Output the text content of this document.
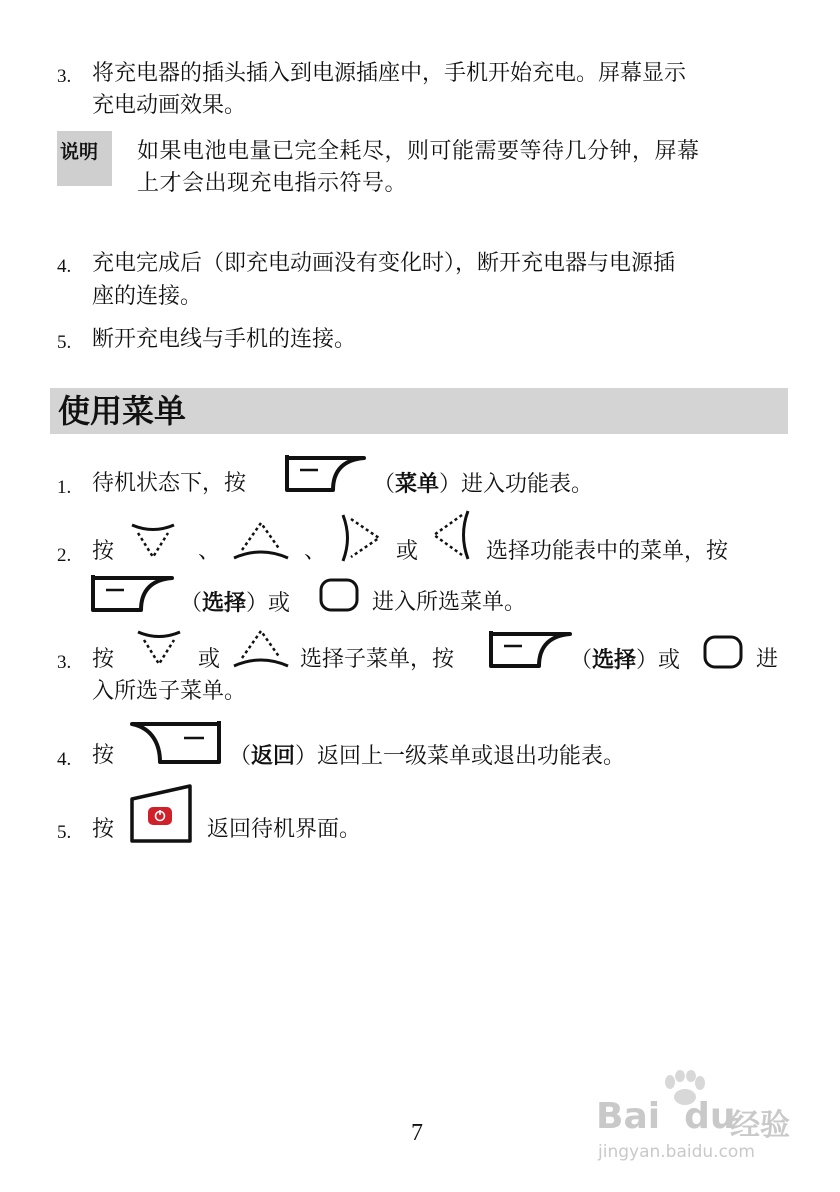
3. 将充电器的插头插入到电源插座中，手机开始充电。屏幕显示
充电动画效果。
说明 如果电池电量已完全耗尽，则可能需要等待几分钟，屏幕
上才会出现充电指示符号。
4. 充电完成后（即充电动画没有变化时），断开充电器与电源插
座的连接。
5. 断开充电线与手机的连接。
使用菜单
1. 待机状态下，按	（菜单）进入功能表。
2. 按	、	、	或	选择功能表中的菜单，按
（选择）或	进入所选菜单。
3. 按	或	选择子菜单，按	（选择）或	进
入所选子菜单。
4. 按	（返回）返回上一级菜单或退出功能表。
5. 按	返回待机界面。
7	Bai du
经验
jingyan.baidu.com
